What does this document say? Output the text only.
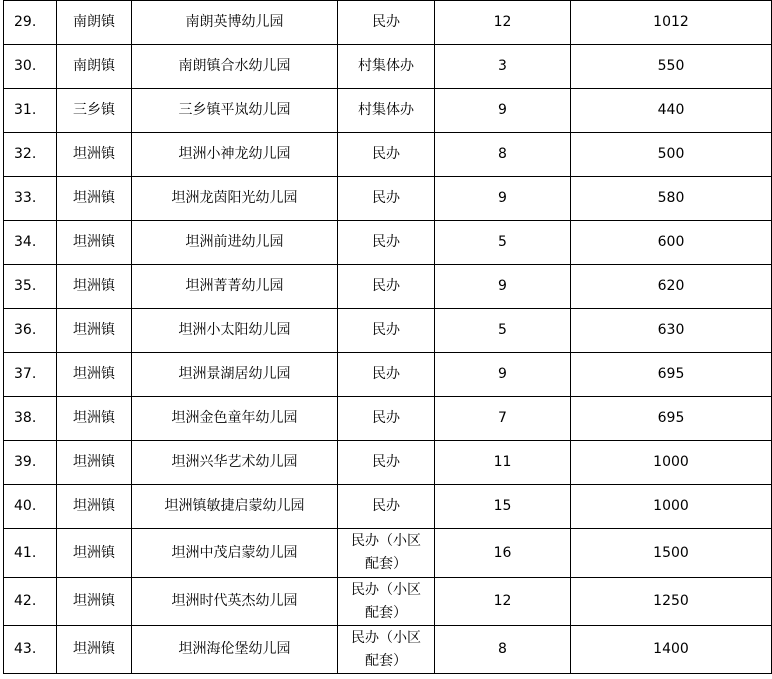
29.	南朗镇	南朗英博幼儿园	民办	12	1012
30.	南朗镇	南朗镇合水幼儿园	村集体办	3	550
31.	三乡镇	三乡镇平岚幼儿园	村集体办	9	440
32.	坦洲镇	坦洲小神龙幼儿园	民办	8	500
33.	坦洲镇	坦洲龙茵阳光幼儿园	民办	9	580
34.	坦洲镇	坦洲前进幼儿园	民办	5	600
35.	坦洲镇	坦洲菁菁幼儿园	民办	9	620
36.	坦洲镇	坦洲小太阳幼儿园	民办	5	630
37.	坦洲镇	坦洲景湖居幼儿园	民办	9	695
38.	坦洲镇	坦洲金色童年幼儿园	民办	7	695
39.	坦洲镇	坦洲兴华艺术幼儿园	民办	11	1000
40.	坦洲镇	坦洲镇敏捷启蒙幼儿园	民办	15	1000
41.	坦洲镇	坦洲中茂启蒙幼儿园	民办（小区配套）	16	1500
42.	坦洲镇	坦洲时代英杰幼儿园	民办（小区配套）	12	1250
43.	坦洲镇	坦洲海伦堡幼儿园	民办（小区配套）	8	1400
